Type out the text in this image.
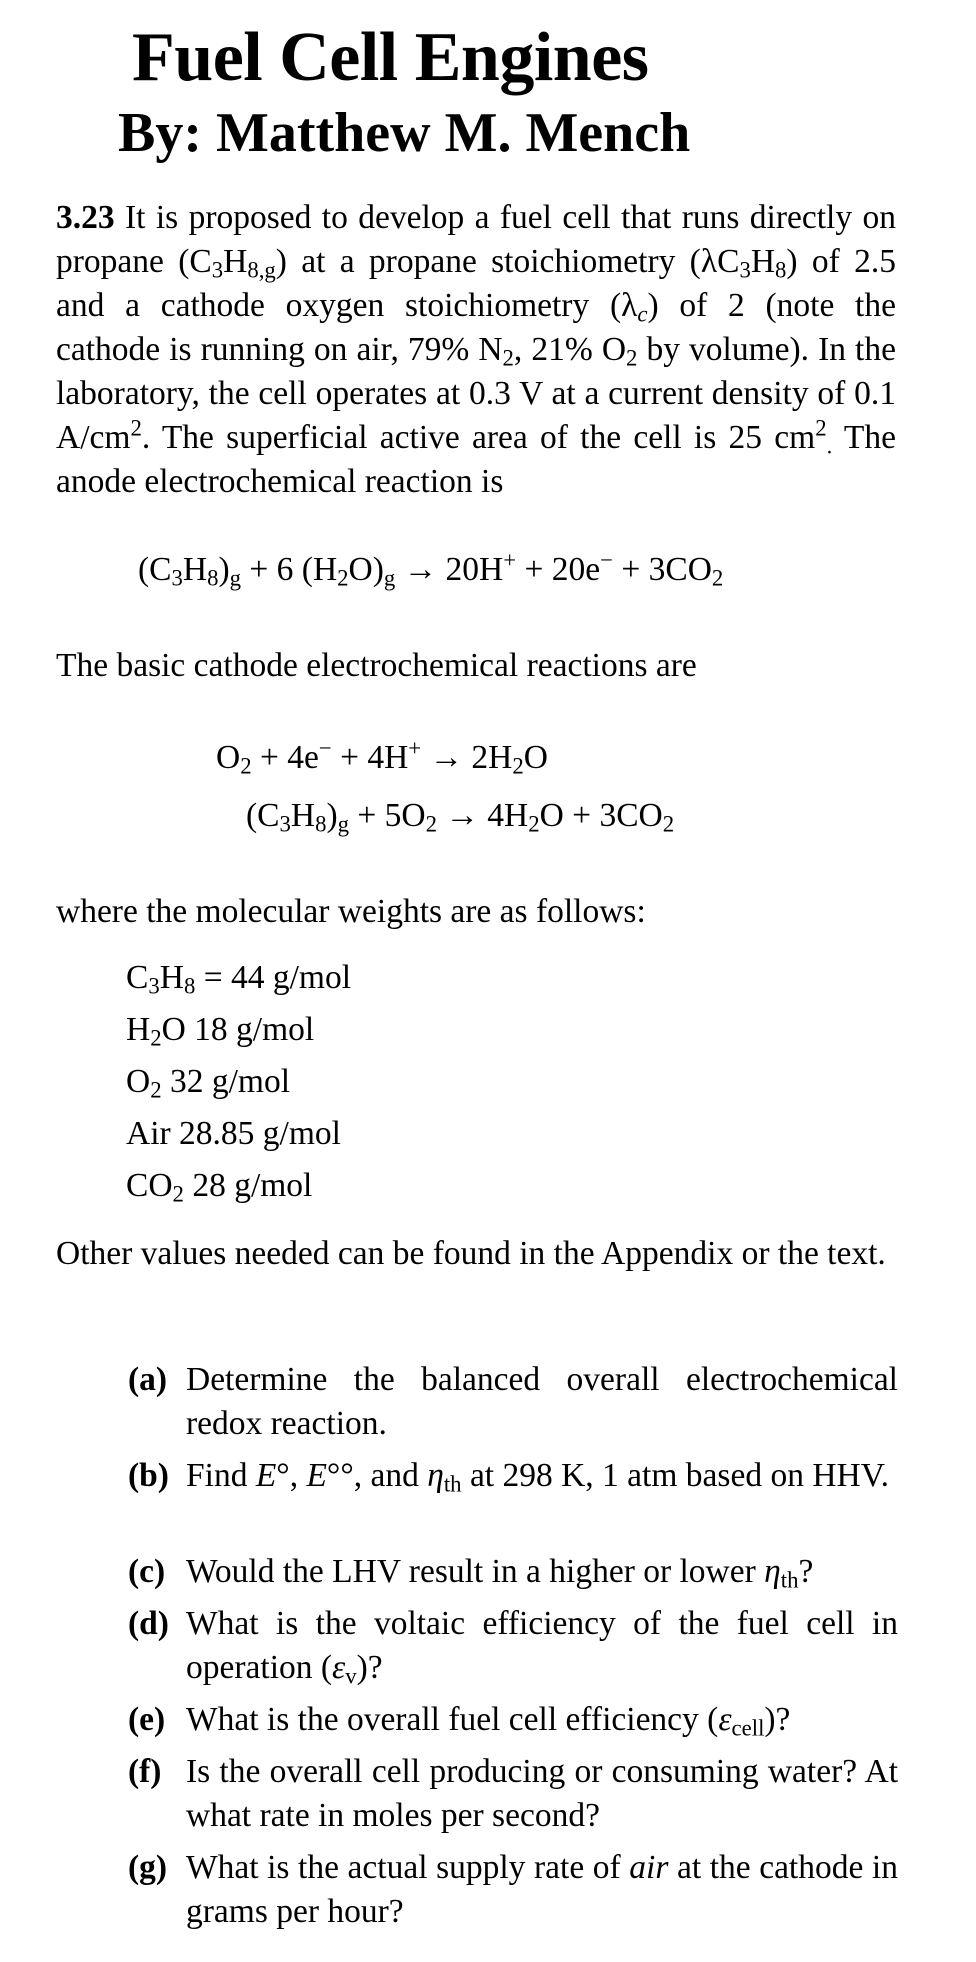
Fuel Cell Engines
By: Matthew M. Mench

3.23 It is proposed to develop a fuel cell that runs directly on propane $(C_3H_{8,g})$ at a propane stoichiometry $(\lambda C_3H_8)$ of 2.5 and a cathode oxygen stoichiometry $(\lambda_c)$ of 2 (note the cathode is running on air, 79% $N_2$, 21% $O_2$ by volume). In the laboratory, the cell operates at 0.3 V at a current density of 0.1 $A/cm^2$. The superficial active area of the cell is 25 $cm^2_.$ The anode electrochemical reaction is

$(C_3H_8)_g + 6$ $(H_2O)_g \to 20H^+ + 20e^- + 3CO_2$

The basic cathode electrochemical reactions are

$O_2 + 4e^- + 4H^+ \to 2H_2O$
$(C_3H_8)_g + 5O_2 \to 4H_2O + 3CO_2$

where the molecular weights are as follows:

$C_3H_8 = 44$ g/mol
$H_2O$ 18 g/mol
$O_2$ 32 g/mol
Air 28.85 g/mol
$CO_2$ 28 g/mol

Other values needed can be found in the Appendix or the text.

(a) Determine the balanced overall electrochemical redox reaction.
(b) Find E°, E°°, and $\eta_{th}$ at 298 K, 1 atm based on HHV.
(c) Would the LHV result in a higher or lower $\eta_{th}$?
(d) What is the voltaic efficiency of the fuel cell in operation $(\varepsilon_v)$?
(e) What is the overall fuel cell efficiency $(\varepsilon_{cell})$?
(f) Is the overall cell producing or consuming water? At what rate in moles per second?
(g) What is the actual supply rate of air at the cathode in grams per hour?
